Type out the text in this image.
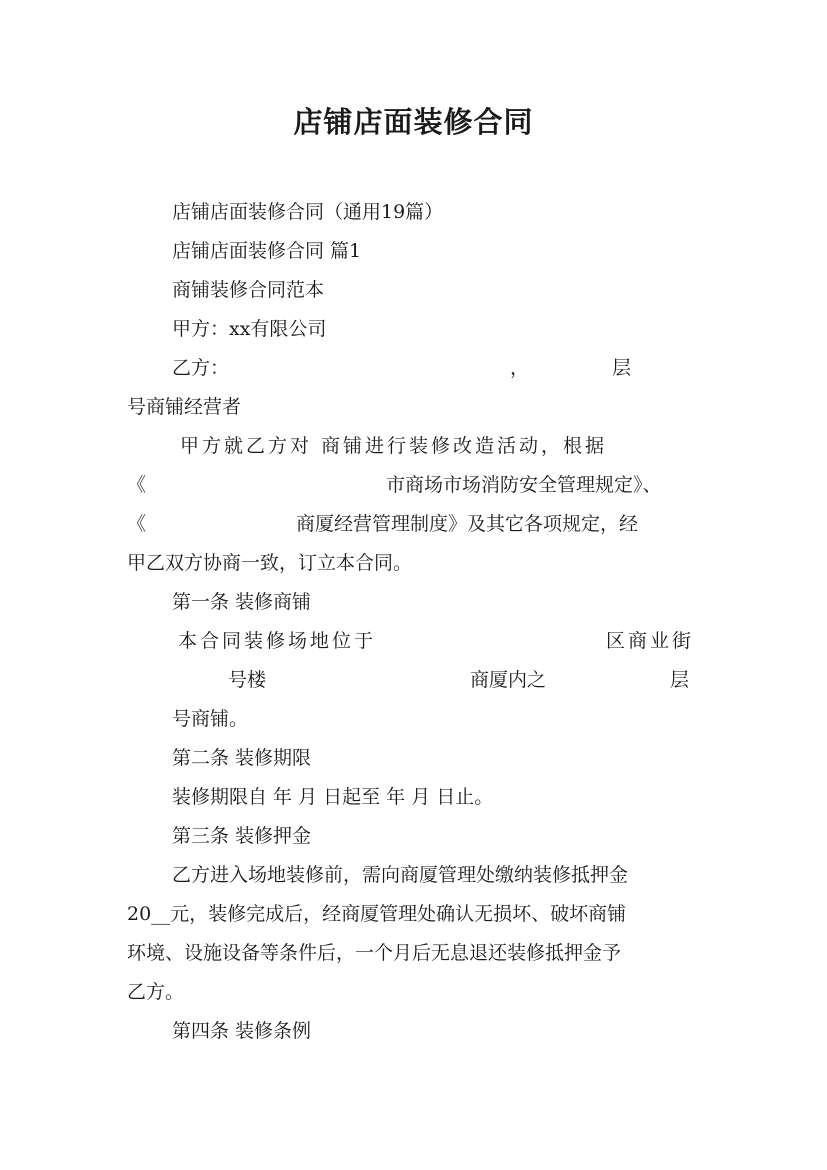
店铺店面装修合同
店铺店面装修合同（通用19篇）
店铺店面装修合同 篇1
商铺装修合同范本
甲方：xx有限公司
乙方：	，	层
号商铺经营者
甲方就乙方对 商铺进行装修改造活动，根据
《	市商场市场消防安全管理规定》、
《	商厦经营管理制度》及其它各项规定，经
甲乙双方协商一致，订立本合同。
第一条 装修商铺
本合同装修场地位于	区商业街
号楼	商厦内之	层
号商铺。
第二条 装修期限
装修期限自 年 月 日起至 年 月 日止。
第三条 装修押金
乙方进入场地装修前，需向商厦管理处缴纳装修抵押金
20__元，装修完成后，经商厦管理处确认无损坏、破坏商铺
环境、设施设备等条件后，一个月后无息退还装修抵押金予
乙方。
第四条 装修条例
